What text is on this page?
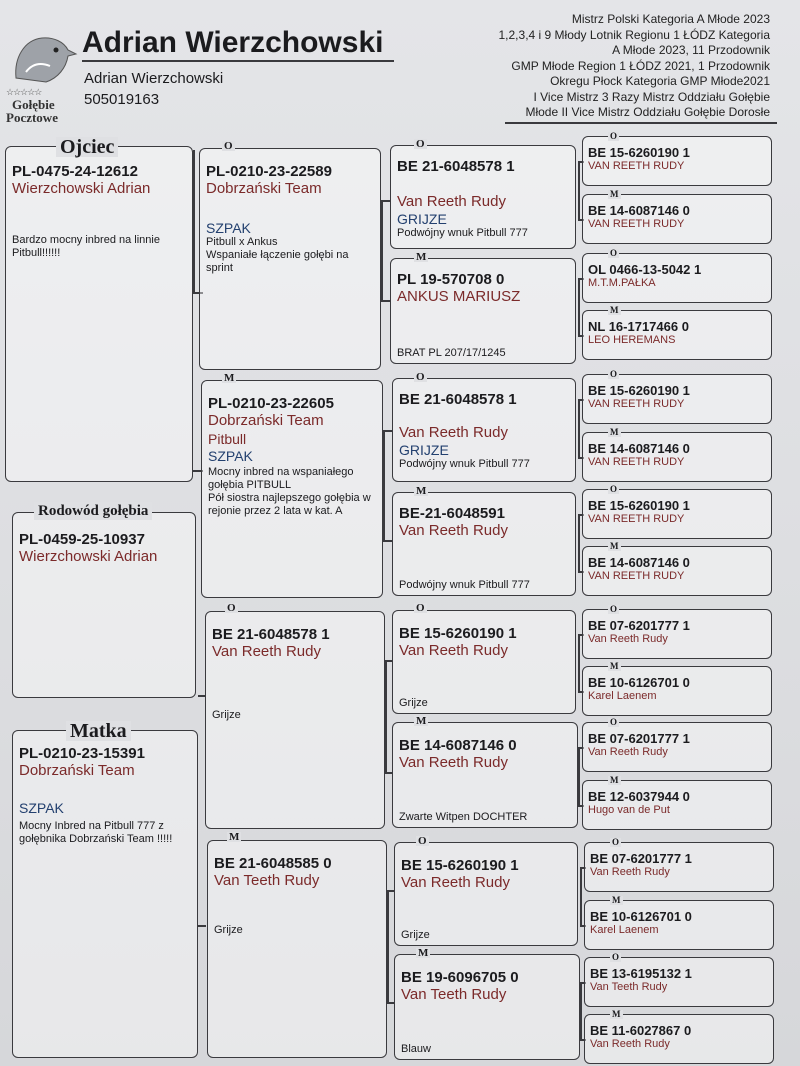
☆☆☆☆☆
Gołębie
Pocztowe
Adrian Wierzchowski
Adrian Wierzchowski
505019163
Mistrz Polski Kategoria A Młode 2023
1,2,3,4 i 9 Młody Lotnik Regionu 1 ŁÓDZ Kategoria
A Młode 2023, 11 Przodownik
GMP Młode Region 1 ŁÓDZ 2021, 1 Przodownik
Okregu Płock Kategoria GMP Młode2021
I Vice Mistrz 3 Razy Mistrz Oddziału Gołębie
Młode II Vice Mistrz Oddziału Gołębie Dorosłe
PL-0475-24-12612
Wierzchowski Adrian
Bardzo mocny inbred na linnie Pitbull!!!!!!
Ojciec
PL-0459-25-10937
Wierzchowski Adrian
Rodowód gołębia
PL-0210-23-15391
Dobrzański Team
SZPAK
Mocny Inbred na Pitbull 777 z gołębnika Dobrzański Team !!!!!
Matka
PL-0210-23-22589
Dobrzański Team
SZPAK
Pitbull x Ankus
Wspaniałe łączenie gołębi na sprint
O
PL-0210-23-22605
Dobrzański Team
Pitbull
SZPAK
Mocny inbred na wspaniałego gołębia PITBULL
Pół siostra najlepszego gołębia w rejonie przez 2 lata w kat. A
M
BE 21-6048578 1
Van Reeth Rudy
Grijze
O
BE 21-6048585 0
Van Teeth Rudy
Grijze
M
BE 21-6048578 1
Van Reeth Rudy
GRIJZE
Podwójny wnuk Pitbull 777
O
PL 19-570708 0
ANKUS MARIUSZ
BRAT PL 207/17/1245
M
BE 21-6048578 1
Van Reeth Rudy
GRIJZE
Podwójny wnuk Pitbull 777
O
BE-21-6048591
Van Reeth Rudy
Podwójny wnuk Pitbull 777
M
BE 15-6260190 1
Van Reeth Rudy
Grijze
O
BE 14-6087146 0
Van Reeth Rudy
Zwarte Witpen DOCHTER
M
BE 15-6260190 1
Van Reeth Rudy
Grijze
O
BE 19-6096705 0
Van Teeth Rudy
Blauw
M
BE 15-6260190 1
VAN REETH RUDY
O
BE 14-6087146 0
VAN REETH RUDY
M
OL 0466-13-5042 1
M.T.M.PAŁKA
O
NL 16-1717466 0
LEO HEREMANS
M
BE 15-6260190 1
VAN REETH RUDY
O
BE 14-6087146 0
VAN REETH RUDY
M
BE 15-6260190 1
VAN REETH RUDY
O
BE 14-6087146 0
VAN REETH RUDY
M
BE 07-6201777 1
Van Reeth Rudy
O
BE 10-6126701 0
Karel Laenem
M
BE 07-6201777 1
Van Reeth Rudy
O
BE 12-6037944 0
Hugo van de Put
M
BE 07-6201777 1
Van Reeth Rudy
O
BE 10-6126701 0
Karel Laenem
M
BE 13-6195132 1
Van Teeth Rudy
O
BE 11-6027867 0
Van Reeth Rudy
M
